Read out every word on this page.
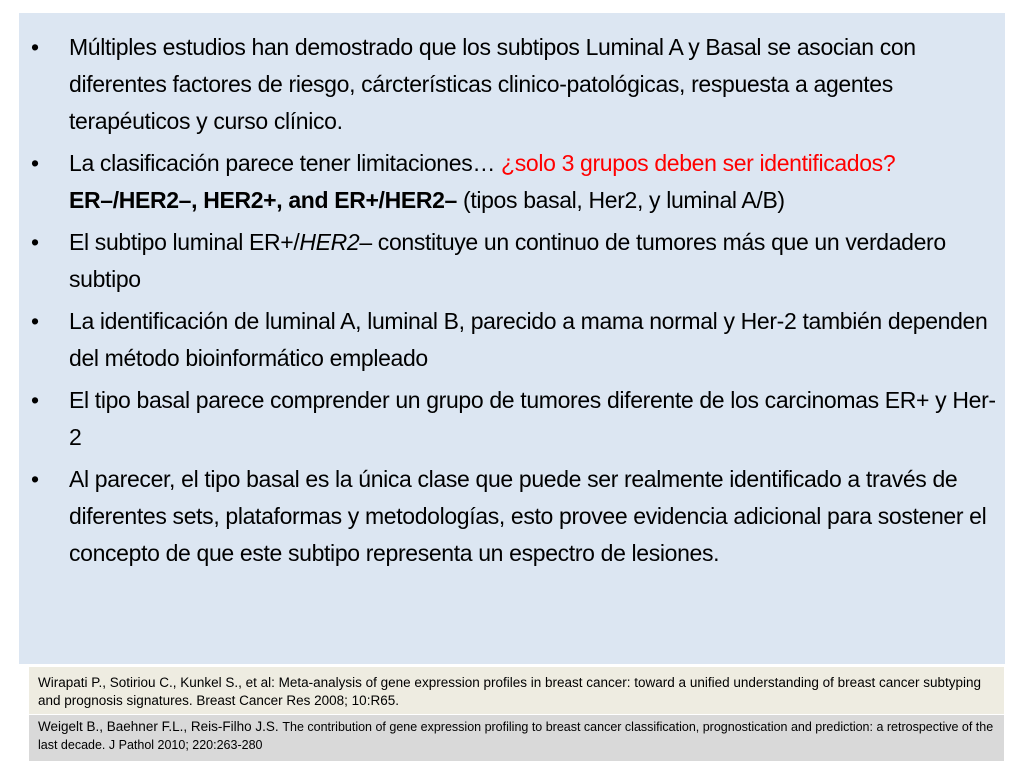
• Múltiples estudios han demostrado que los subtipos Luminal A y Basal se asocian con diferentes factores de riesgo, cárcterísticas clinico-patológicas, respuesta a agentes terapéuticos y curso clínico.
• La clasificación parece tener limitaciones… ¿solo 3 grupos deben ser identificados? ER–/HER2–, HER2+, and ER+/HER2– (tipos basal, Her2, y luminal A/B)
• El subtipo luminal ER+/HER2– constituye un continuo de tumores más que un verdadero subtipo
• La identificación de luminal A, luminal B, parecido a mama normal y Her-2 también dependen del método bioinformático empleado
• El tipo basal parece comprender un grupo de tumores diferente de los carcinomas ER+ y Her-2
• Al parecer, el tipo basal es la única clase que puede ser realmente identificado a través de diferentes sets, plataformas y metodologías, esto provee evidencia adicional para sostener el concepto de que este subtipo representa un espectro de lesiones.
Wirapati P., Sotiriou C., Kunkel S., et al: Meta-analysis of gene expression profiles in breast cancer: toward a unified understanding of breast cancer subtyping and prognosis signatures. Breast Cancer Res 2008; 10:R65.
Weigelt B., Baehner F.L., Reis-Filho J.S. The contribution of gene expression profiling to breast cancer classification, prognostication and prediction: a retrospective of the last decade. J Pathol 2010; 220:263-280
